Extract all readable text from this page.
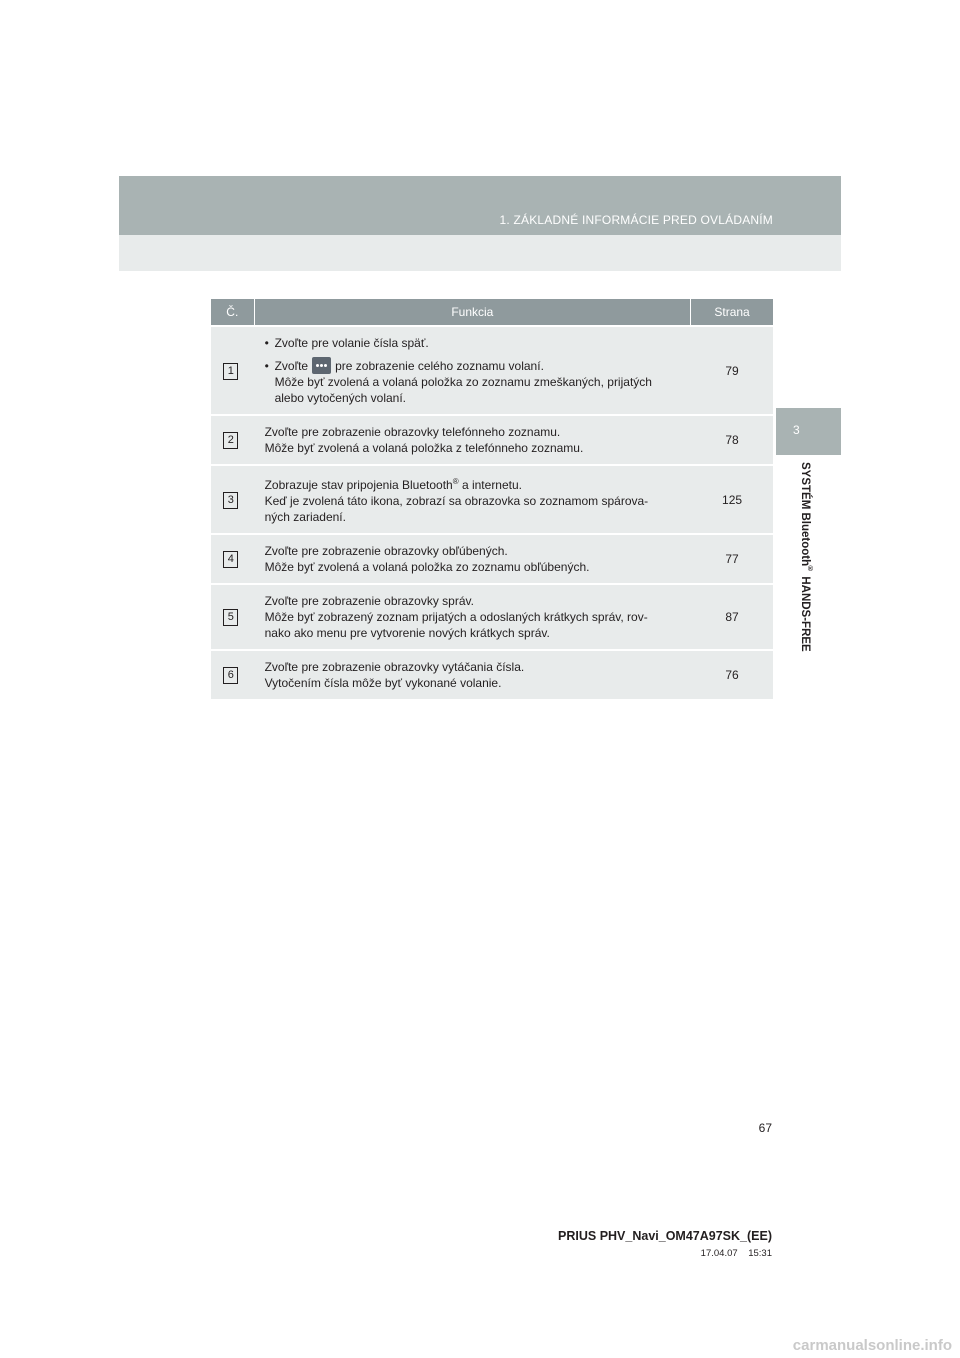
1. ZÁKLADNÉ INFORMÁCIE PRED OVLÁDANÍM
3
SYSTÉM Bluetooth® HANDS-FREE
Č.	Funkcia	Strana
1	• Zvoľte pre volanie čísla späť.
• Zvoľte pre zobrazenie celého zoznamu volaní.
Môže byť zvolená a volaná položka zo zoznamu zmeškaných, prijatých alebo vytočených volaní.	79
2	Zvoľte pre zobrazenie obrazovky telefónneho zoznamu.
Môže byť zvolená a volaná položka z telefónneho zoznamu.	78
3	Zobrazuje stav pripojenia Bluetooth® a internetu.
Keď je zvolená táto ikona, zobrazí sa obrazovka so zoznamom spárova-
ných zariadení.	125
4	Zvoľte pre zobrazenie obrazovky obľúbených.
Môže byť zvolená a volaná položka zo zoznamu obľúbených.	77
5	Zvoľte pre zobrazenie obrazovky správ.
Môže byť zobrazený zoznam prijatých a odoslaných krátkych správ, rov-
nako ako menu pre vytvorenie nových krátkych správ.	87
6	Zvoľte pre zobrazenie obrazovky vytáčania čísla.
Vytočením čísla môže byť vykonané volanie.	76
67
PRIUS PHV_Navi_OM47A97SK_(EE)
17.04.07 15:31
carmanualsonline.info
